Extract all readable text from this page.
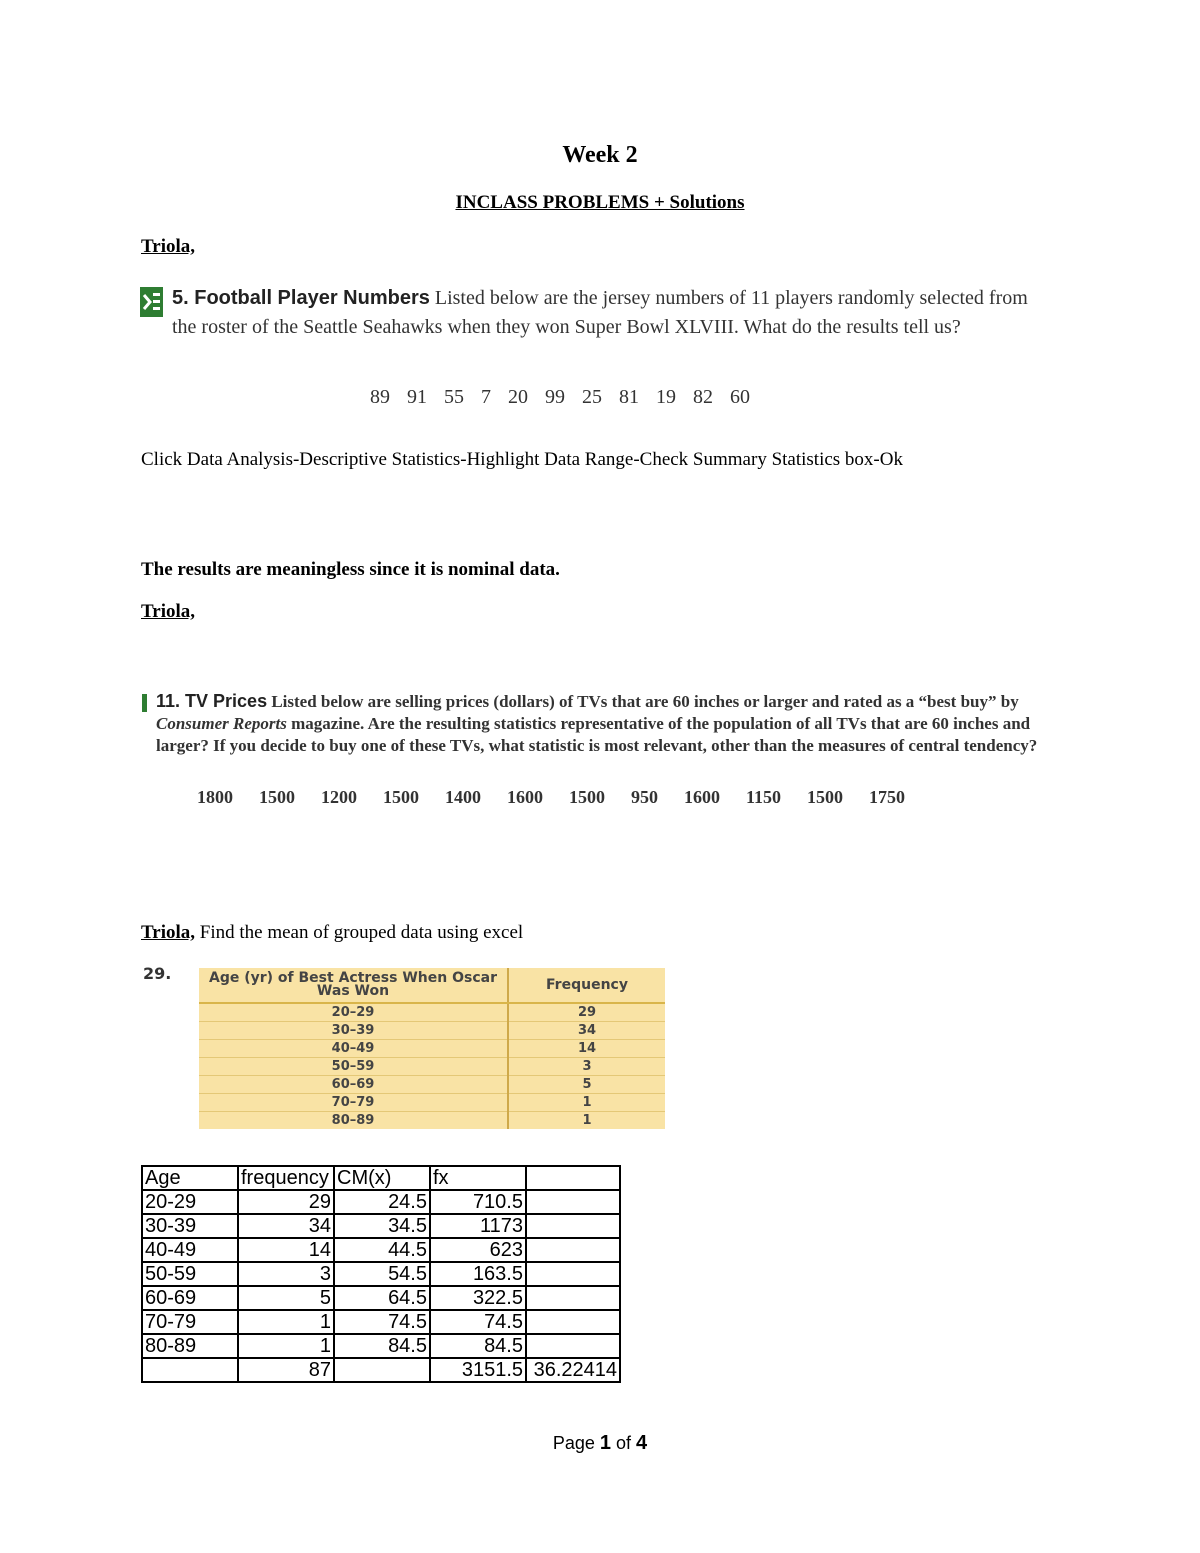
Week 2
INCLASS PROBLEMS + Solutions
Triola,
5. Football Player Numbers Listed below are the jersey numbers of 11 players randomly selected from the roster of the Seattle Seahawks when they won Super Bowl XLVIII. What do the results tell us?
89 91 55 7 20 99 25 81 19 82 60
Click Data Analysis-Descriptive Statistics-Highlight Data Range-Check Summary Statistics box-Ok
The results are meaningless since it is nominal data.
Triola,
11. TV Prices Listed below are selling prices (dollars) of TVs that are 60 inches or larger and rated as a “best buy” by Consumer Reports magazine. Are the resulting statistics representative of the population of all TVs that are 60 inches and larger? If you decide to buy one of these TVs, what statistic is most relevant, other than the measures of central tendency?
1800 1500 1200 1500 1400 1600 1500 950 1600 1150 1500 1750
Triola, Find the mean of grouped data using excel
29.	Age (yr) of Best Actress When Oscar Was Won	Frequency
20–29	29
30–39	34
40–49	14
50–59	3
60–69	5
70–79	1
80–89	1
Age	frequency	CM(x)	fx	
20-29	29	24.5	710.5	
30-39	34	34.5	1173	
40-49	14	44.5	623	
50-59	3	54.5	163.5	
60-69	5	64.5	322.5	
70-79	1	74.5	74.5	
80-89	1	84.5	84.5	
	87		3151.5	36.22414
Page 1 of 4
